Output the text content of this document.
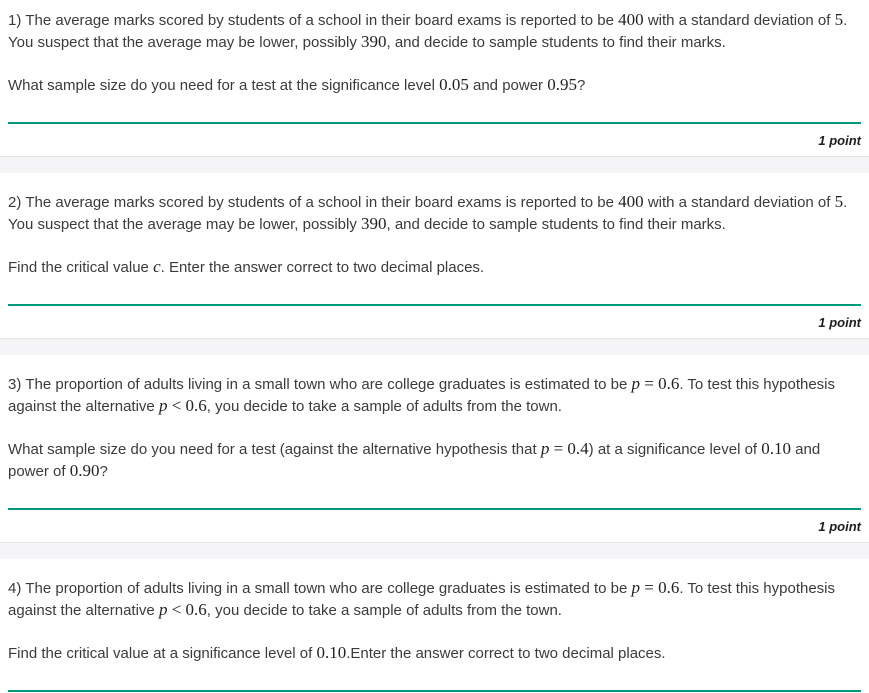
1) The average marks scored by students of a school in their board exams is reported to be 400 with a standard deviation of 5. You suspect that the average may be lower, possibly 390, and decide to sample students to find their marks.

What sample size do you need for a test at the significance level 0.05 and power 0.95?

1 point

2) The average marks scored by students of a school in their board exams is reported to be 400 with a standard deviation of 5. You suspect that the average may be lower, possibly 390, and decide to sample students to find their marks.

Find the critical value c. Enter the answer correct to two decimal places.

1 point

3) The proportion of adults living in a small town who are college graduates is estimated to be p = 0.6. To test this hypothesis against the alternative p < 0.6, you decide to take a sample of adults from the town.

What sample size do you need for a test (against the alternative hypothesis that p = 0.4) at a significance level of 0.10 and power of 0.90?

1 point

4) The proportion of adults living in a small town who are college graduates is estimated to be p = 0.6. To test this hypothesis against the alternative p < 0.6, you decide to take a sample of adults from the town.

Find the critical value at a significance level of 0.10.Enter the answer correct to two decimal places.
